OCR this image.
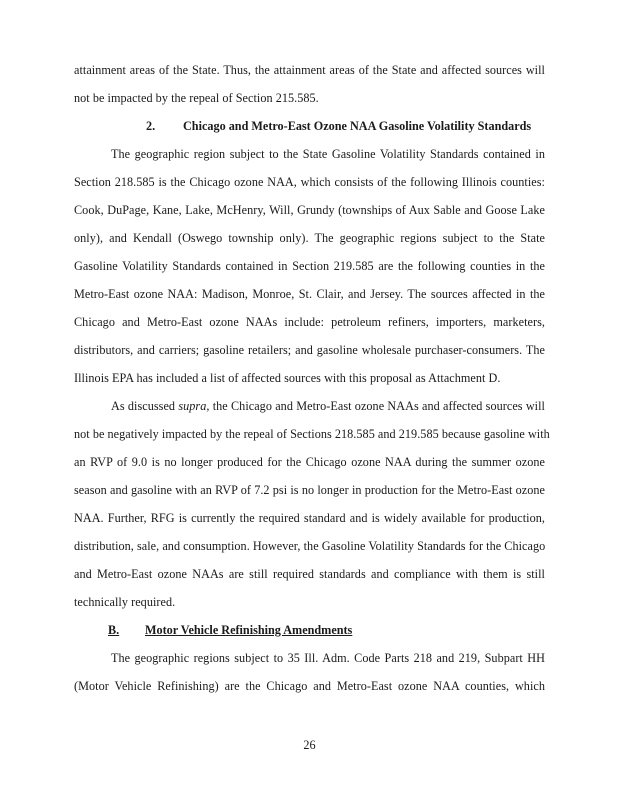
attainment areas of the State. Thus, the attainment areas of the State and affected sources will
not be impacted by the repeal of Section 215.585.
2. Chicago and Metro-East Ozone NAA Gasoline Volatility Standards
The geographic region subject to the State Gasoline Volatility Standards contained in
Section 218.585 is the Chicago ozone NAA, which consists of the following Illinois counties:
Cook, DuPage, Kane, Lake, McHenry, Will, Grundy (townships of Aux Sable and Goose Lake
only), and Kendall (Oswego township only). The geographic regions subject to the State
Gasoline Volatility Standards contained in Section 219.585 are the following counties in the
Metro-East ozone NAA: Madison, Monroe, St. Clair, and Jersey. The sources affected in the
Chicago and Metro-East ozone NAAs include: petroleum refiners, importers, marketers,
distributors, and carriers; gasoline retailers; and gasoline wholesale purchaser-consumers. The
Illinois EPA has included a list of affected sources with this proposal as Attachment D.
As discussed supra, the Chicago and Metro-East ozone NAAs and affected sources will
not be negatively impacted by the repeal of Sections 218.585 and 219.585 because gasoline with
an RVP of 9.0 is no longer produced for the Chicago ozone NAA during the summer ozone
season and gasoline with an RVP of 7.2 psi is no longer in production for the Metro-East ozone
NAA. Further, RFG is currently the required standard and is widely available for production,
distribution, sale, and consumption. However, the Gasoline Volatility Standards for the Chicago
and Metro-East ozone NAAs are still required standards and compliance with them is still
technically required.
B. Motor Vehicle Refinishing Amendments
The geographic regions subject to 35 Ill. Adm. Code Parts 218 and 219, Subpart HH
(Motor Vehicle Refinishing) are the Chicago and Metro-East ozone NAA counties, which
26
